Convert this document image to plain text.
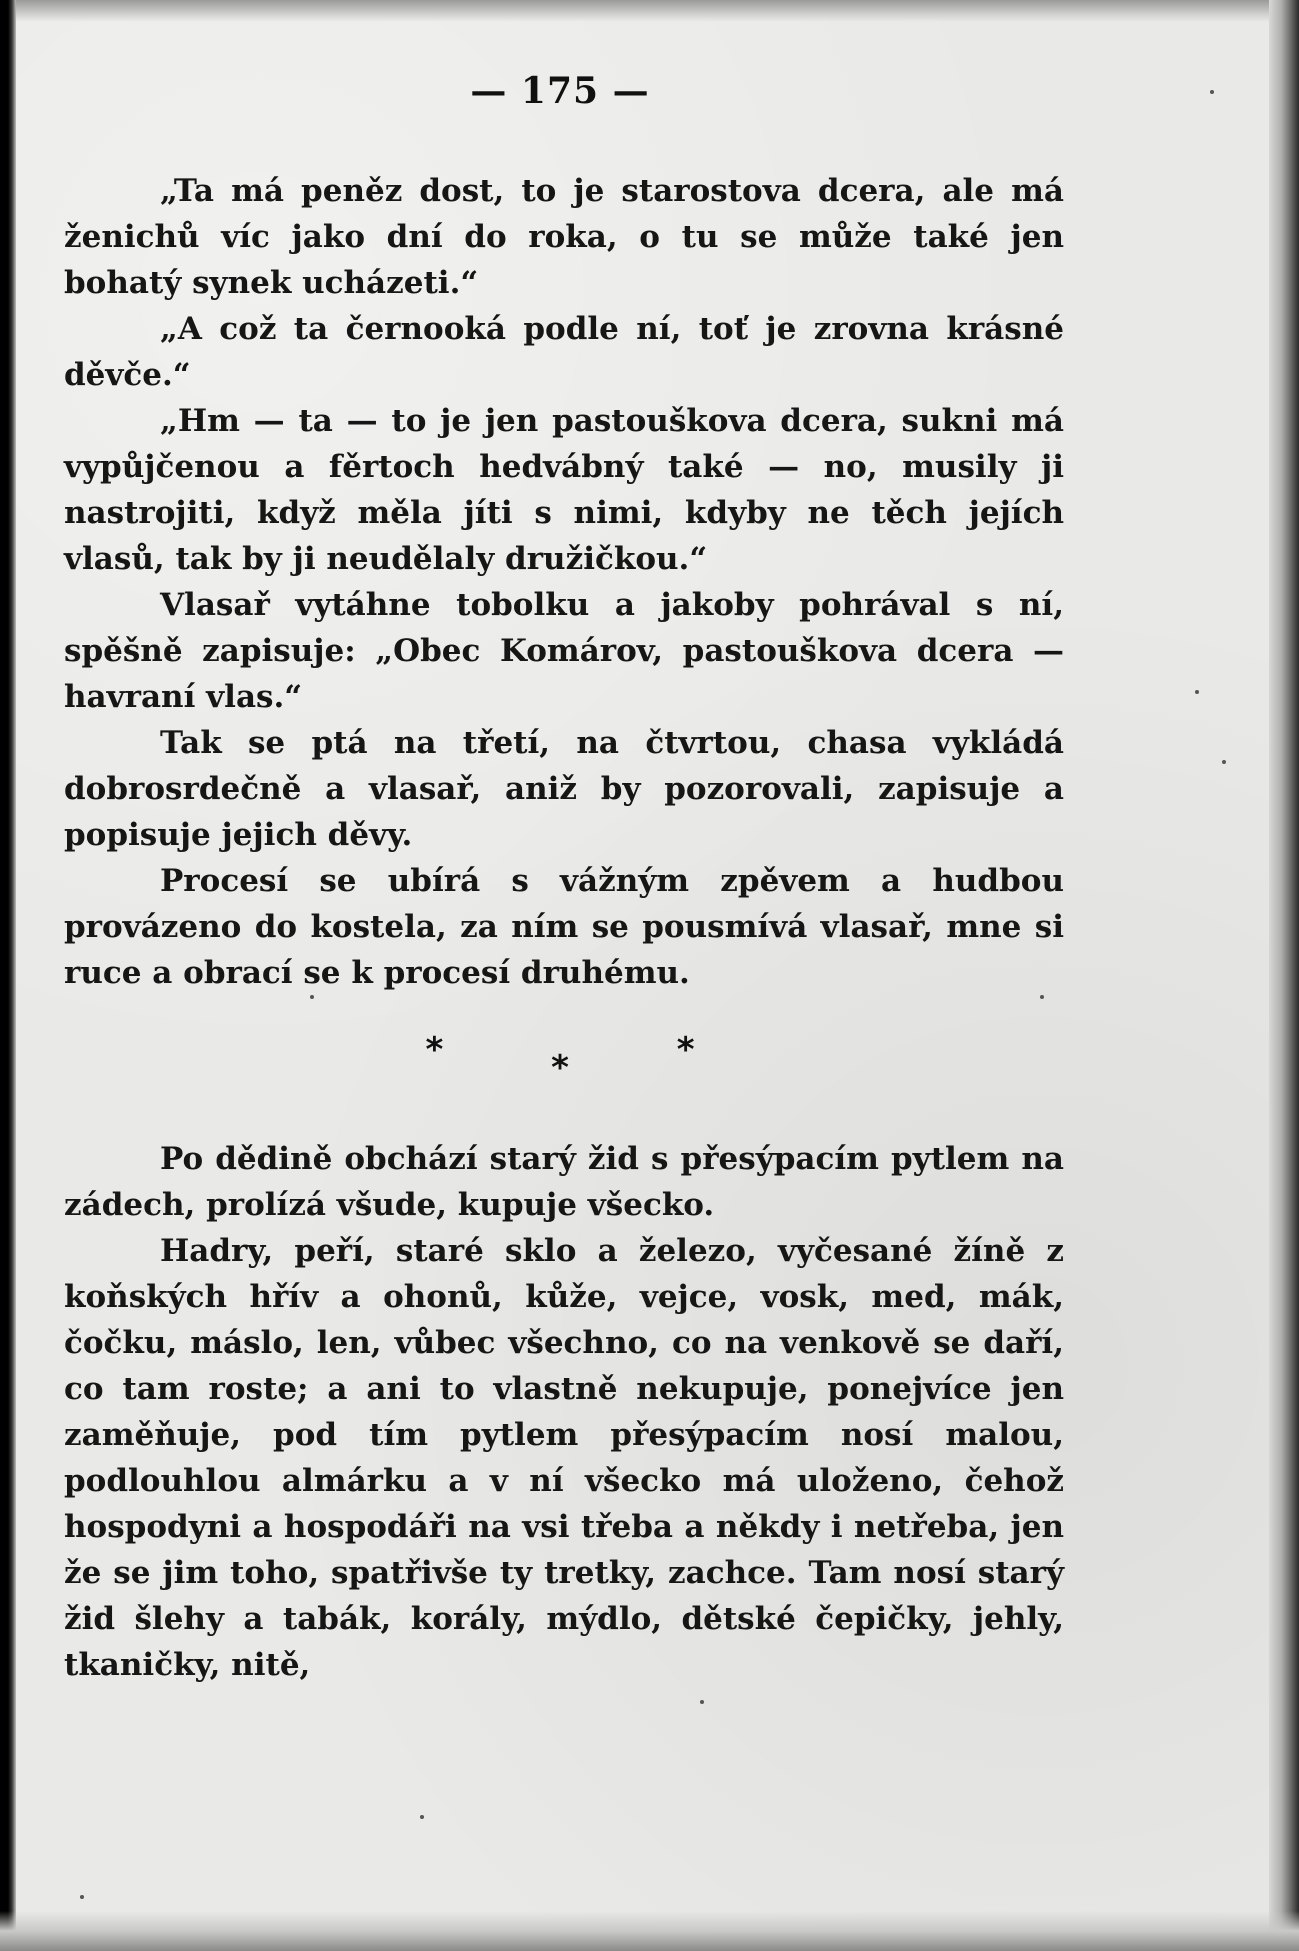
— 175 —

„Ta má peněz dost, to je starostova dcera, ale má ženichů víc jako dní do roka, o tu se může také jen bohatý synek ucházeti.“

„A což ta černooká podle ní, toť je zrovna krásné děvče.“

„Hm — ta — to je jen pastouškova dcera, sukni má vypůjčenou a fěrtoch hedvábný také — no, musily ji nastrojiti, když měla jíti s nimi, kdyby ne těch jejích vlasů, tak by ji neudělaly družičkou.“

Vlasař vytáhne tobolku a jakoby pohrával s ní, spěšně zapisuje: „Obec Komárov, pastouškova dcera — havraní vlas.“

Tak se ptá na třetí, na čtvrtou, chasa vykládá dobrosrdečně a vlasař, aniž by pozorovali, zapisuje a popisuje jejich děvy.

Procesí se ubírá s vážným zpěvem a hudbou provázeno do kostela, za ním se pousmívá vlasař, mne si ruce a obrací se k procesí druhému.

*	*	*

Po dědině obchází starý žid s přesýpacím pytlem na zádech, prolízá všude, kupuje všecko.

Hadry, peří, staré sklo a železo, vyčesané žíně z koňských hřív a ohonů, kůže, vejce, vosk, med, mák, čočku, máslo, len, vůbec všechno, co na venkově se daří, co tam roste; a ani to vlastně nekupuje, ponejvíce jen zaměňuje, pod tím pytlem přesýpacím nosí malou, podlouhlou almárku a v ní všecko má uloženo, čehož hospodyni a hospodáři na vsi třeba a někdy i netřeba, jen že se jim toho, spatřivše ty tretky, zachce. Tam nosí starý žid šlehy a tabák, korály, mýdlo, dětské čepičky, jehly, tkaničky, nitě,
